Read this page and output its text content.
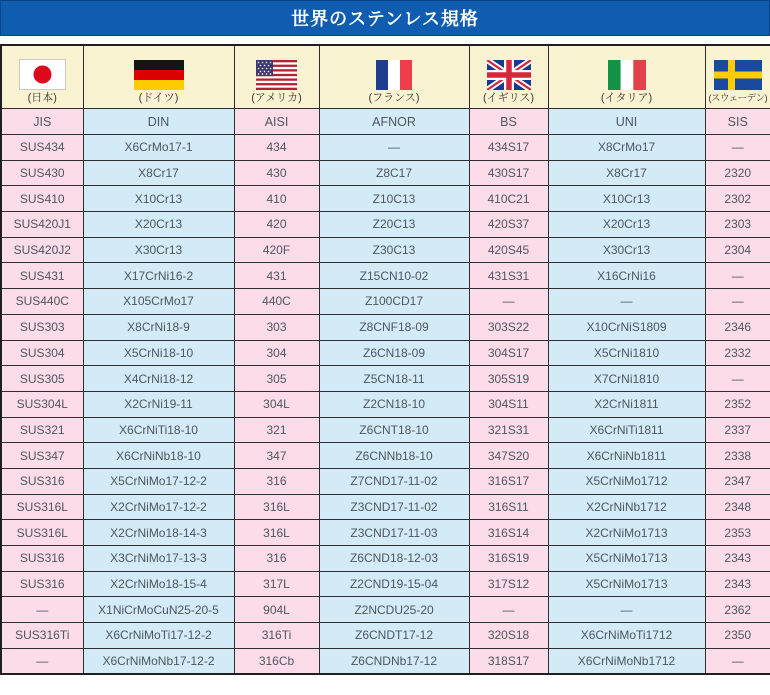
世界のステンレス規格
(日本)	(ドイツ)	(アメリカ)	(フランス)	(イギリス)	(イタリア)	(スウェーデン)

JIS	DIN	AISI	AFNOR	BS	UNI	SIS
SUS434	X6CrMo17-1	434	―	434S17	X8CrMo17	―
SUS430	X8Cr17	430	Z8C17	430S17	X8Cr17	2320
SUS410	X10Cr13	410	Z10C13	410C21	X10Cr13	2302
SUS420J1	X20Cr13	420	Z20C13	420S37	X20Cr13	2303
SUS420J2	X30Cr13	420F	Z30C13	420S45	X30Cr13	2304
SUS431	X17CrNi16-2	431	Z15CN10-02	431S31	X16CrNi16	―
SUS440C	X105CrMo17	440C	Z100CD17	―	―	―
SUS303	X8CrNi18-9	303	Z8CNF18-09	303S22	X10CrNiS1809	2346
SUS304	X5CrNi18-10	304	Z6CN18-09	304S17	X5CrNi1810	2332
SUS305	X4CrNi18-12	305	Z5CN18-11	305S19	X7CrNi1810	―
SUS304L	X2CrNi19-11	304L	Z2CN18-10	304S11	X2CrNi1811	2352
SUS321	X6CrNiTi18-10	321	Z6CNT18-10	321S31	X6CrNiTi1811	2337
SUS347	X6CrNiNb18-10	347	Z6CNNb18-10	347S20	X6CrNiNb1811	2338
SUS316	X5CrNiMo17-12-2	316	Z7CND17-11-02	316S17	X5CrNiMo1712	2347
SUS316L	X2CrNiMo17-12-2	316L	Z3CND17-11-02	316S11	X2CrNiNb1712	2348
SUS316L	X2CrNiMo18-14-3	316L	Z3CND17-11-03	316S14	X2CrNiMo1713	2353
SUS316	X3CrNiMo17-13-3	316	Z6CND18-12-03	316S19	X5CrNiMo1713	2343
SUS316	X2CrNiMo18-15-4	317L	Z2CND19-15-04	317S12	X5CrNiMo1713	2343
―	X1NiCrMoCuN25-20-5	904L	Z2NCDU25-20	―	―	2362
SUS316Ti	X6CrNiMoTi17-12-2	316Ti	Z6CNDT17-12	320S18	X6CrNiMoTi1712	2350
―	X6CrNiMoNb17-12-2	316Cb	Z6CNDNb17-12	318S17	X6CrNiMoNb1712	―
